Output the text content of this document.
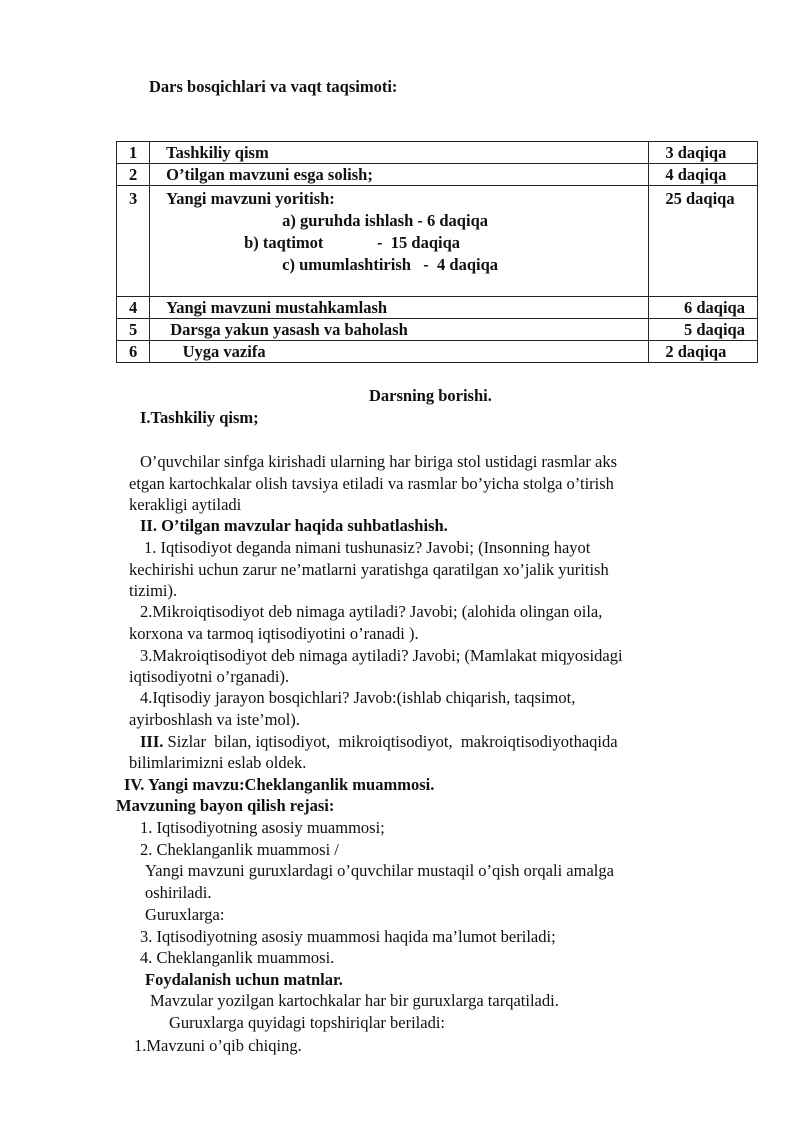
Dars bosqichlari va vaqt taqsimoti:
1	Tashkiliy qism	3 daqiqa
2	O’tilgan mavzuni esga solish;	4 daqiqa
3	Yangi mavzuni yoritish:
a) guruhda ishlash - 6 daqiqa
b) taqtimot             -  15 daqiqa
c) umumlashtirish   -  4 daqiqa	25 daqiqa
4	Yangi mavzuni mustahkamlash	6 daqiqa
5	Darsga yakun yasash va baholash	5 daqiqa
6	Uyga vazifa	2 daqiqa
Darsning borishi.
I.Tashkiliy qism;
O’quvchilar sinfga kirishadi ularning har biriga stol ustidagi rasmlar aks
etgan kartochkalar olish tavsiya etiladi va rasmlar bo’yicha stolga o’tirish
kerakligi aytiladi
II. O’tilgan mavzular haqida suhbatlashish.
1. Iqtisodiyot deganda nimani tushunasiz? Javobi; (Insonning hayot
kechirishi uchun zarur ne’matlarni yaratishga qaratilgan xo’jalik yuritish
tizimi).
2.Mikroiqtisodiyot deb nimaga aytiladi? Javobi; (alohida olingan oila,
korxona va tarmoq iqtisodiyotini o’ranadi ).
3.Makroiqtisodiyot deb nimaga aytiladi? Javobi; (Mamlakat miqyosidagi
iqtisodiyotni o’rganadi).
4.Iqtisodiy jarayon bosqichlari? Javob:(ishlab chiqarish, taqsimot,
ayirboshlash va iste’mol).
III. Sizlar  bilan, iqtisodiyot,  mikroiqtisodiyot,  makroiqtisodiyothaqida
bilimlarimizni eslab oldek.
IV. Yangi mavzu:Cheklanganlik muammosi.
Mavzuning bayon qilish rejasi:
1. Iqtisodiyotning asosiy muammosi;
2. Cheklanganlik muammosi /
Yangi mavzuni guruxlardagi o’quvchilar mustaqil o’qish orqali amalga
oshiriladi.
Guruxlarga:
3. Iqtisodiyotning asosiy muammosi haqida ma’lumot beriladi;
4. Cheklanganlik muammosi.
Foydalanish uchun matnlar.
Mavzular yozilgan kartochkalar har bir guruxlarga tarqatiladi.
Guruxlarga quyidagi topshiriqlar beriladi:
1.Mavzuni o’qib chiqing.
